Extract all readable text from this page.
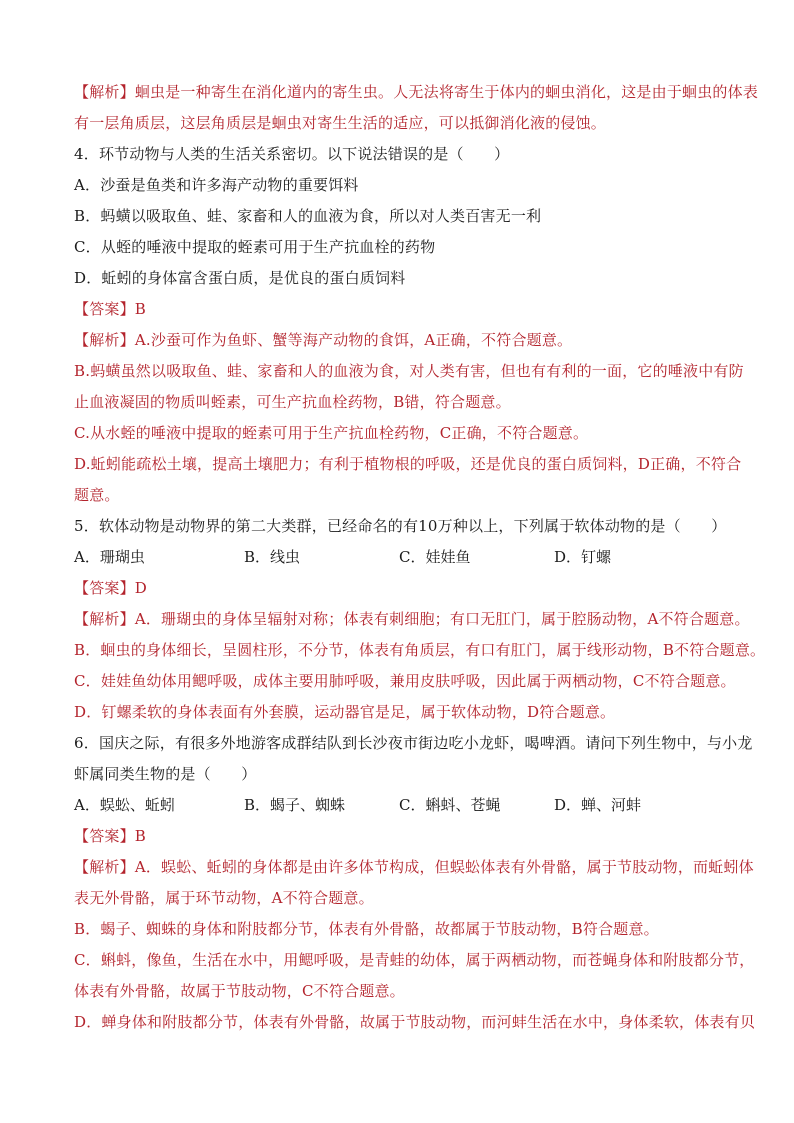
【解析】蛔虫是一种寄生在消化道内的寄生虫。人无法将寄生于体内的蛔虫消化，这是由于蛔虫的体表
有一层角质层，这层角质层是蛔虫对寄生生活的适应，可以抵御消化液的侵蚀。
4．环节动物与人类的生活关系密切。以下说法错误的是（　　）
A．沙蚕是鱼类和许多海产动物的重要饵料
B．蚂蟥以吸取鱼、蛙、家畜和人的血液为食，所以对人类百害无一利
C．从蛭的唾液中提取的蛭素可用于生产抗血栓的药物
D．蚯蚓的身体富含蛋白质，是优良的蛋白质饲料
【答案】B
【解析】A.沙蚕可作为鱼虾、蟹等海产动物的食饵，A正确，不符合题意。
B.蚂蟥虽然以吸取鱼、蛙、家畜和人的血液为食，对人类有害，但也有有利的一面，它的唾液中有防
止血液凝固的物质叫蛭素，可生产抗血栓药物，B错，符合题意。
C.从水蛭的唾液中提取的蛭素可用于生产抗血栓药物，C正确，不符合题意。
D.蚯蚓能疏松土壤，提高土壤肥力；有利于植物根的呼吸，还是优良的蛋白质饲料，D正确，不符合
题意。
5．软体动物是动物界的第二大类群，已经命名的有10万种以上，下列属于软体动物的是（　　）
A．珊瑚虫	B．线虫	C．娃娃鱼	D．钉螺
【答案】D
【解析】A．珊瑚虫的身体呈辐射对称；体表有刺细胞；有口无肛门，属于腔肠动物，A不符合题意。
B．蛔虫的身体细长，呈圆柱形，不分节，体表有角质层，有口有肛门，属于线形动物，B不符合题意。
C．娃娃鱼幼体用鳃呼吸，成体主要用肺呼吸，兼用皮肤呼吸，因此属于两栖动物，C不符合题意。
D．钉螺柔软的身体表面有外套膜，运动器官是足，属于软体动物，D符合题意。
6．国庆之际，有很多外地游客成群结队到长沙夜市街边吃小龙虾，喝啤酒。请问下列生物中，与小龙
虾属同类生物的是（　　）
A．蜈蚣、蚯蚓	B．蝎子、蜘蛛	C．蝌蚪、苍蝇	D．蝉、河蚌
【答案】B
【解析】A．蜈蚣、蚯蚓的身体都是由许多体节构成，但蜈蚣体表有外骨骼，属于节肢动物，而蚯蚓体
表无外骨骼，属于环节动物，A不符合题意。
B．蝎子、蜘蛛的身体和附肢都分节，体表有外骨骼，故都属于节肢动物，B符合题意。
C．蝌蚪，像鱼，生活在水中，用鳃呼吸，是青蛙的幼体，属于两栖动物，而苍蝇身体和附肢都分节，
体表有外骨骼，故属于节肢动物，C不符合题意。
D．蝉身体和附肢都分节，体表有外骨骼，故属于节肢动物，而河蚌生活在水中，身体柔软，体表有贝
